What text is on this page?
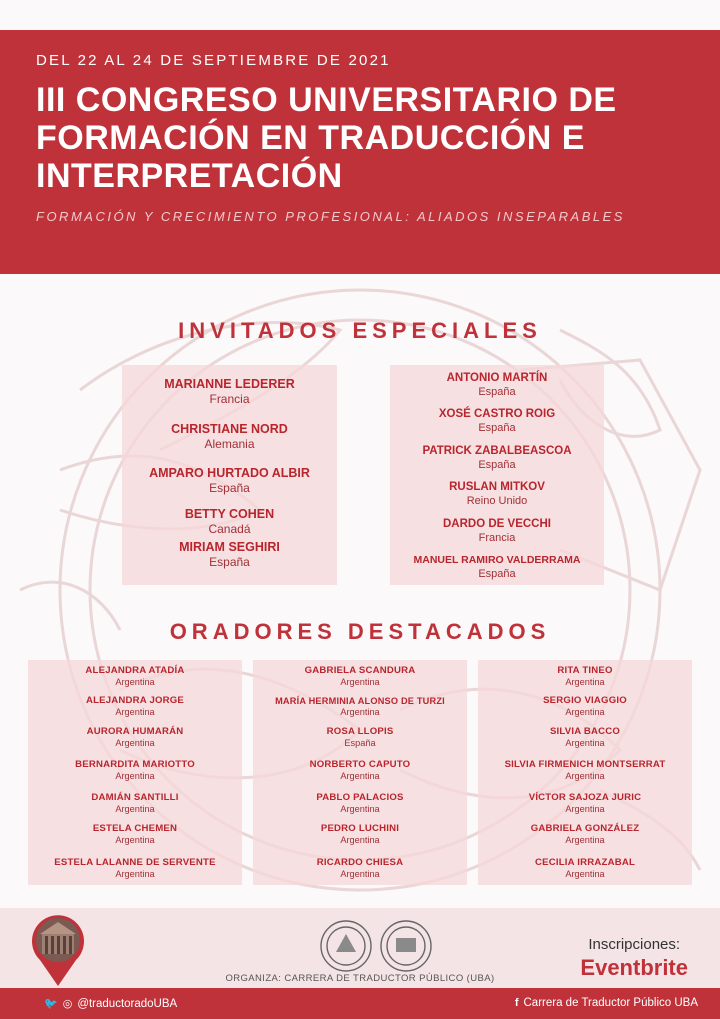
DEL 22 AL 24 DE SEPTIEMBRE DE 2021
III CONGRESO UNIVERSITARIO DE
FORMACIÓN EN TRADUCCIÓN E
INTERPRETACIÓN
FORMACIÓN Y CRECIMIENTO PROFESIONAL: ALIADOS INSEPARABLES
INVITADOS ESPECIALES
MARIANNE LEDERER
Francia
CHRISTIANE NORD
Alemania
AMPARO HURTADO ALBIR
España
BETTY COHEN
Canadá
MIRIAM SEGHIRI
España
ANTONIO MARTÍN
España
XOSÉ CASTRO ROIG
España
PATRICK ZABALBEASCOA
España
RUSLAN MITKOV
Reino Unido
DARDO DE VECCHI
Francia
MANUEL RAMIRO VALDERRAMA
España
ORADORES DESTACADOS
ALEJANDRA ATADÍA
Argentina
ALEJANDRA JORGE
Argentina
AURORA HUMARÁN
Argentina
BERNARDITA MARIOTTO
Argentina
DAMIÁN SANTILLI
Argentina
ESTELA CHEMEN
Argentina
ESTELA LALANNE DE SERVENTE
Argentina
GABRIELA SCANDURA
Argentina
MARÍA HERMINIA ALONSO DE TURZI
Argentina
ROSA LLOPIS
España
NORBERTO CAPUTO
Argentina
PABLO PALACIOS
Argentina
PEDRO LUCHINI
Argentina
RICARDO CHIESA
Argentina
RITA TINEO
Argentina
SERGIO VIAGGIO
Argentina
SILVIA BACCO
Argentina
SILVIA FIRMENICH MONTSERRAT
Argentina
VÍCTOR SAJOZA JURIC
Argentina
GABRIELA GONZÁLEZ
Argentina
CECILIA IRRAZABAL
Argentina
ORGANIZA: CARRERA DE TRADUCTOR PÚBLICO (UBA)
Inscripciones:
Eventbrite
🐦 ◎ @traductoradoUBA	f Carrera de Traductor Público UBA
